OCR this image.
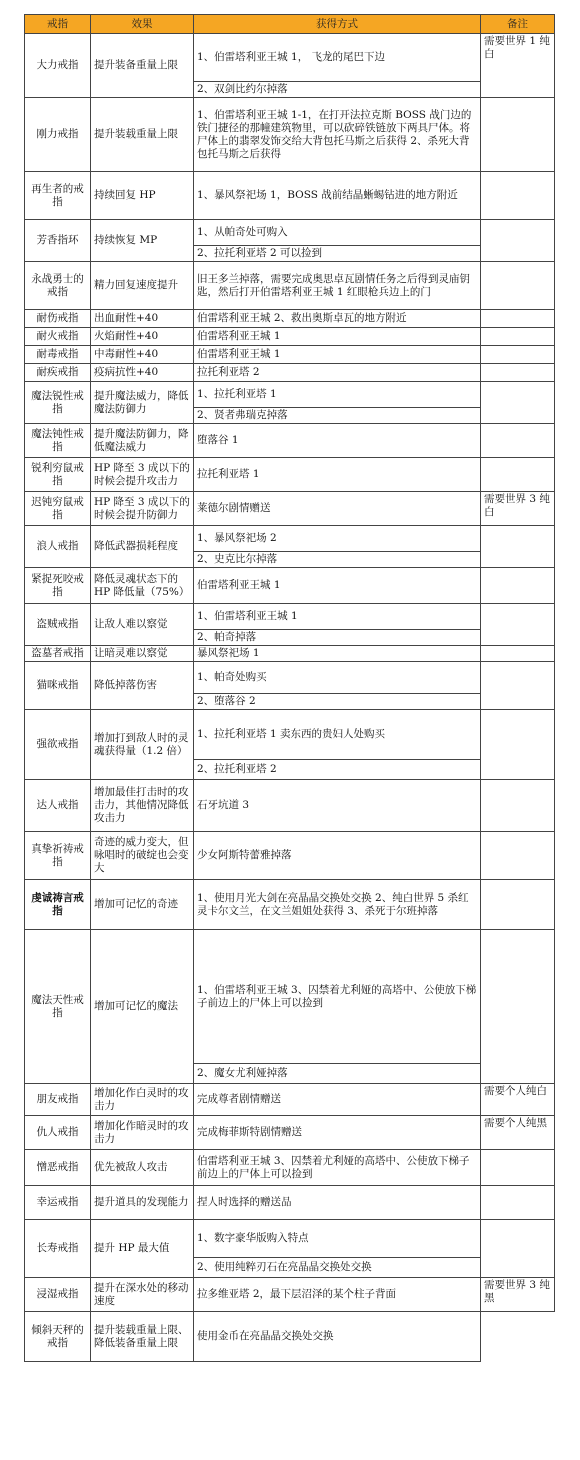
戒指	效果	获得方式	备注
大力戒指	提升装备重量上限	1、伯雷塔利亚王城 1， 飞龙的尾巴下边	需要世界 1 纯白
		2、双剑比约尔掉落	
刚力戒指	提升装载重量上限	1、伯雷塔利亚王城 1-1，在打开法拉克斯 BOSS 战门边的铁门捷径的那幢建筑物里，可以砍碎铁链放下两具尸体。将尸体上的翡翠发饰交给大背包托马斯之后获得 2、杀死大背包托马斯之后获得	
再生者的戒指	持续回复 HP	1、暴风祭祀场 1，BOSS 战前结晶蜥蜴钻进的地方附近	
芳香指环	持续恢复 MP	1、从帕奇处可购入	
		2、拉托利亚塔 2 可以捡到	
永战勇士的戒指	精力回复速度提升	旧王多兰掉落，需要完成奥思卓瓦剧情任务之后得到灵庙钥匙，然后打开伯雷塔利亚王城 1 红眼枪兵边上的门	
耐伤戒指	出血耐性+40	伯雷塔利亚王城 2、救出奥斯卓瓦的地方附近	
耐火戒指	火焰耐性+40	伯雷塔利亚王城 1	
耐毒戒指	中毒耐性+40	伯雷塔利亚王城 1	
耐疾戒指	疫病抗性+40	拉托利亚塔 2	
魔法锐性戒指	提升魔法威力，降低魔法防御力	1、拉托利亚塔 1	
		2、贤者弗瑞克掉落	
魔法钝性戒指	提升魔法防御力，降低魔法威力	堕落谷 1	
锐利穷鼠戒指	HP 降至 3 成以下的时候会提升攻击力	拉托利亚塔 1	
迟钝穷鼠戒指	HP 降至 3 成以下的时候会提升防御力	莱德尔剧情赠送	需要世界 3 纯白
浪人戒指	降低武器损耗程度	1、暴风祭祀场 2	
		2、史克比尔掉落	
紧捉死咬戒指	降低灵魂状态下的 HP 降低量（75%）	伯雷塔利亚王城 1	
盗贼戒指	让敌人难以察觉	1、伯雷塔利亚王城 1	
		2、帕奇掉落	
盗墓者戒指	让暗灵难以察觉	暴风祭祀场 1	
猫咪戒指	降低掉落伤害	1、帕奇处购买	
		2、堕落谷 2	
强欲戒指	增加打到敌人时的灵魂获得量（1.2 倍）	1、拉托利亚塔 1 卖东西的贵妇人处购买	
		2、拉托利亚塔 2	
达人戒指	增加最佳打击时的攻击力，其他情况降低攻击力	石牙坑道 3	
真挚祈祷戒指	奇迹的威力变大，但咏唱时的破绽也会变大	少女阿斯特蕾雅掉落	
虔诚祷言戒指	增加可记忆的奇迹	1、使用月光大剑在亮晶晶交换处交换 2、纯白世界 5 杀红灵卡尔文兰，在文兰姐姐处获得 3、杀死于尔班掉落	
魔法天性戒指	增加可记忆的魔法	1、伯雷塔利亚王城 3、囚禁着尤利娅的高塔中、公使放下梯子前边上的尸体上可以捡到	
		2、魔女尤利娅掉落	
朋友戒指	增加化作白灵时的攻击力	完成尊者剧情赠送	需要个人纯白
仇人戒指	增加化作暗灵时的攻击力	完成梅菲斯特剧情赠送	需要个人纯黑
憎恶戒指	优先被敌人攻击	伯雷塔利亚王城 3、囚禁着尤利娅的高塔中、公使放下梯子前边上的尸体上可以捡到	
幸运戒指	提升道具的发现能力	捏人时选择的赠送品	
长寿戒指	提升 HP 最大值	1、数字豪华版购入特点	
		2、使用纯粹刃石在亮晶晶交换处交换	
浸湿戒指	提升在深水处的移动速度	拉多维亚塔 2，最下层沼泽的某个柱子背面	需要世界 3 纯黑
倾斜天秤的戒指	提升装载重量上限、降低装备重量上限	使用金币在亮晶晶交换处交换	
